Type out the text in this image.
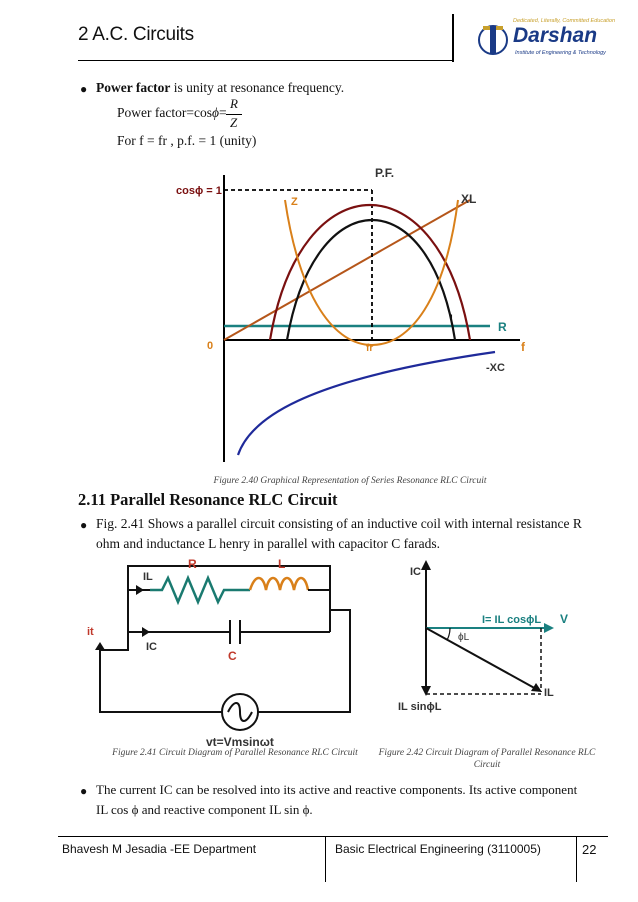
2 A.C. Circuits
Dedicated, Literally, Committed Education
Darshan
Institute of Engineering & Technology
● Power factor is unity at resonance frequency.
Power factor=cosϕ=
R
Z
For f = fr , p.f. = 1 (unity)
P.F.
cosϕ = 1
Z	XL
I
R
0	fr	f
-XC
Figure 2.40 Graphical Representation of Series Resonance RLC Circuit
2.11 Parallel Resonance RLC Circuit
● Fig. 2.41 Shows a parallel circuit consisting of an inductive coil with internal resistance R
ohm and inductance L henry in parallel with capacitor C farads.
R	L
IL
it
IC
C
vt=Vmsinωt
IC
I= IL cosϕL V
ϕL
IL
IL sinϕL
Figure 2.41 Circuit Diagram of Parallel Resonance RLC Circuit	Figure 2.42 Circuit Diagram of Parallel Resonance RLC
Circuit
● The current IC can be resolved into its active and reactive components. Its active component
IL cos ϕ and reactive component IL sin ϕ.
Bhavesh M Jesadia -EE Department	Basic Electrical Engineering (3110005)	22
